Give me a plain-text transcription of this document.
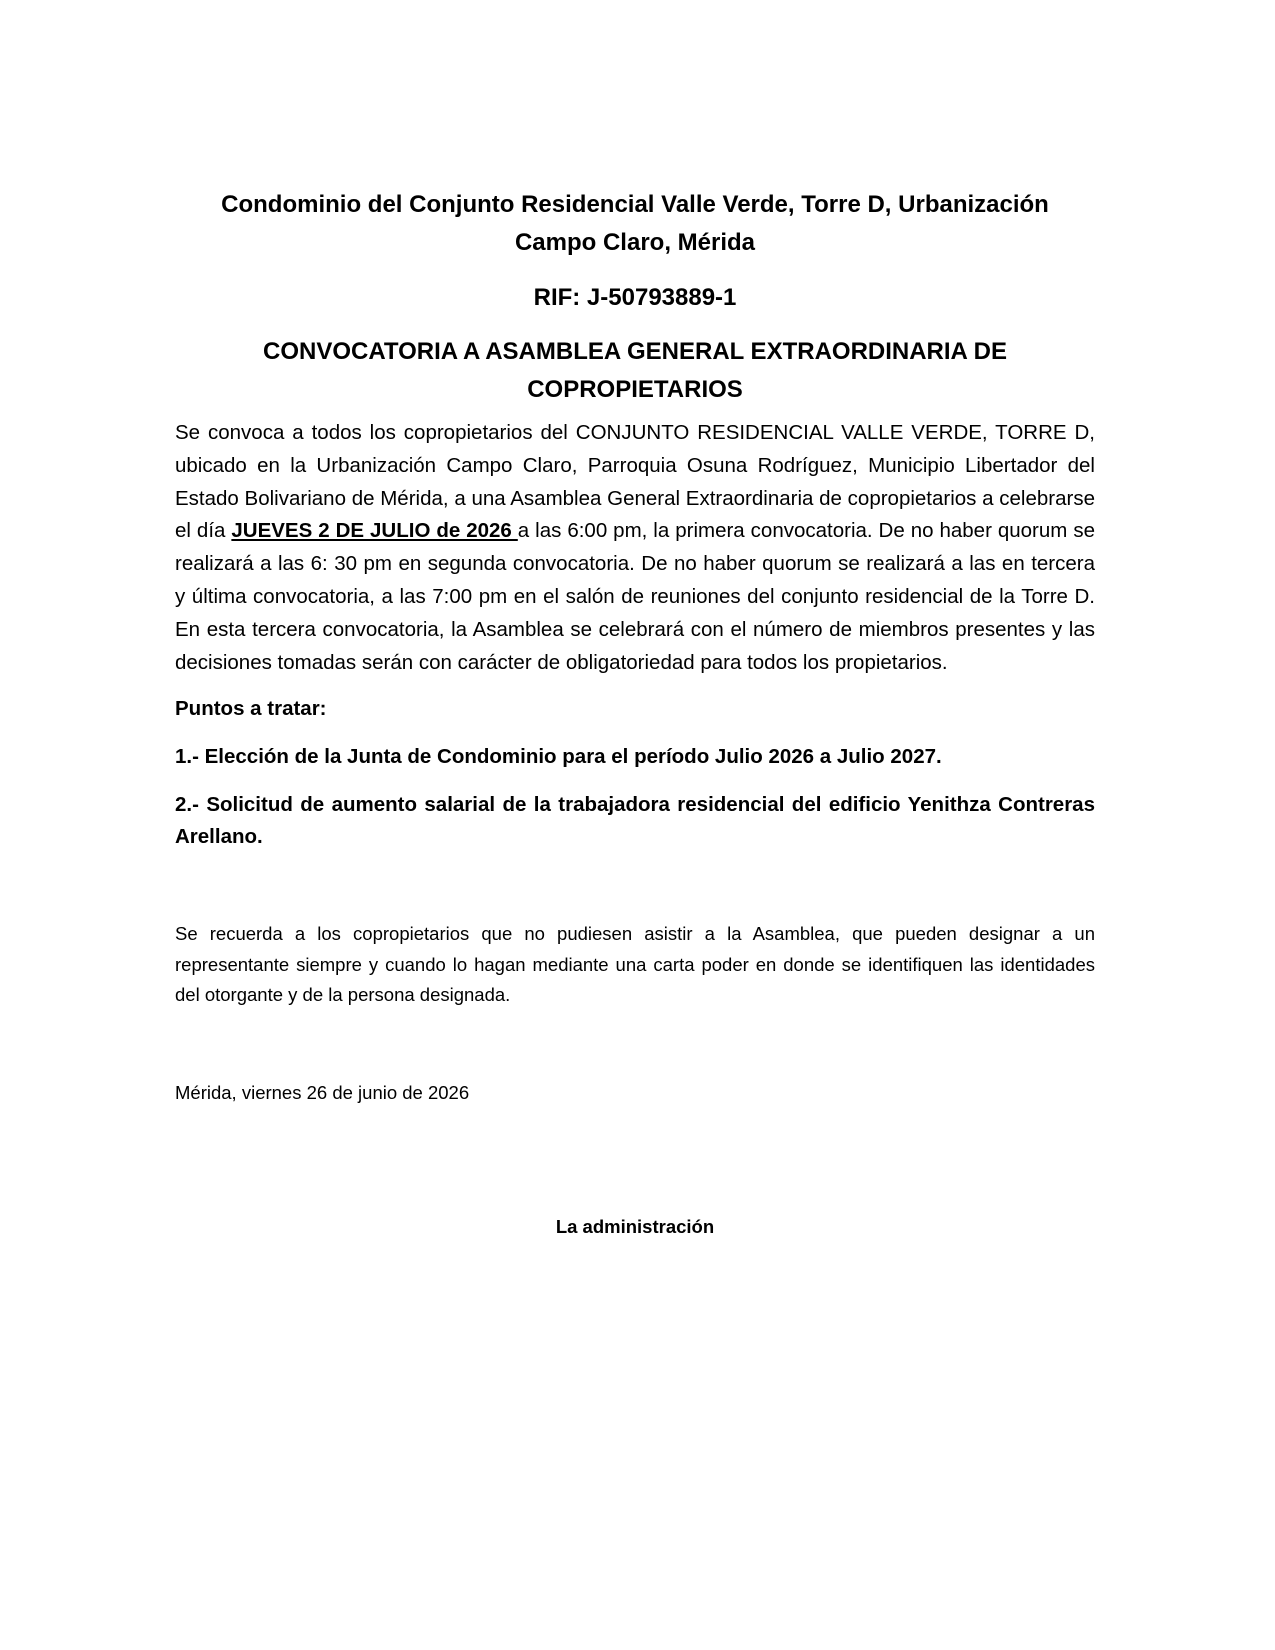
Condominio del Conjunto Residencial Valle Verde, Torre D, Urbanización
Campo Claro, Mérida

RIF: J-50793889-1

CONVOCATORIA A ASAMBLEA GENERAL EXTRAORDINARIA DE
COPROPIETARIOS

Se convoca a todos los copropietarios del CONJUNTO RESIDENCIAL VALLE VERDE, TORRE D, ubicado en la Urbanización Campo Claro, Parroquia Osuna Rodríguez, Municipio Libertador del Estado Bolivariano de Mérida, a una Asamblea General Extraordinaria de copropietarios a celebrarse el día JUEVES 2 DE JULIO de 2026 a las 6:00 pm, la primera convocatoria. De no haber quorum se realizará a las 6: 30 pm en segunda convocatoria. De no haber quorum se realizará a las en tercera y última convocatoria, a las 7:00 pm en el salón de reuniones del conjunto residencial de la Torre D. En esta tercera convocatoria, la Asamblea se celebrará con el número de miembros presentes y las decisiones tomadas serán con carácter de obligatoriedad para todos los propietarios.

Puntos a tratar:

1.- Elección de la Junta de Condominio para el período Julio 2026 a Julio 2027.

2.- Solicitud de aumento salarial de la trabajadora residencial del edificio Yenithza Contreras Arellano.

Se recuerda a los copropietarios que no pudiesen asistir a la Asamblea, que pueden designar a un representante siempre y cuando lo hagan mediante una carta poder en donde se identifiquen las identidades del otorgante y de la persona designada.

Mérida, viernes 26 de junio de 2026

La administración
